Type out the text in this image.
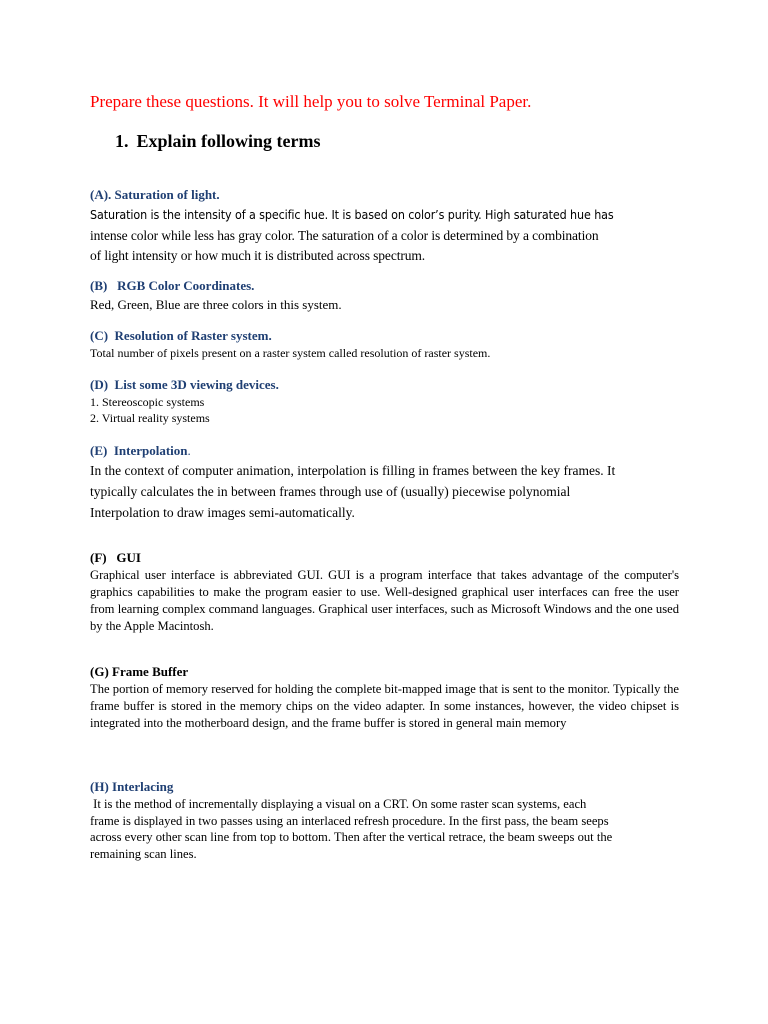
Prepare these questions. It will help you to solve Terminal Paper.
1. Explain following terms
(A). Saturation of light.
Saturation is the intensity of a specific hue. It is based on color’s purity. High saturated hue has
intense color while less has gray color. The saturation of a color is determined by a combination
of light intensity or how much it is distributed across spectrum.
(B)   RGB Color Coordinates.
Red, Green, Blue are three colors in this system.
(C)  Resolution of Raster system.
Total number of pixels present on a raster system called resolution of raster system.
(D)  List some 3D viewing devices.
1. Stereoscopic systems
2. Virtual reality systems
(E)  Interpolation.
In the context of computer animation, interpolation is filling in frames between the key frames. It
typically calculates the in between frames through use of (usually) piecewise polynomial
Interpolation to draw images semi-automatically.
(F)   GUI
Graphical user interface is abbreviated GUI. GUI is a program interface that takes advantage of the computer's graphics capabilities to make the program easier to use. Well-designed graphical user interfaces can free the user from learning complex command languages. Graphical user interfaces, such as Microsoft Windows and the one used by the Apple Macintosh.
(G) Frame Buffer
The portion of memory reserved for holding the complete bit-mapped image that is sent to the monitor. Typically the frame buffer is stored in the memory chips on the video adapter. In some instances, however, the video chipset is integrated into the motherboard design, and the frame buffer is stored in general main memory
(H) Interlacing
It is the method of incrementally displaying a visual on a CRT. On some raster scan systems, each
frame is displayed in two passes using an interlaced refresh procedure. In the first pass, the beam seeps
across every other scan line from top to bottom. Then after the vertical retrace, the beam sweeps out the
remaining scan lines.
